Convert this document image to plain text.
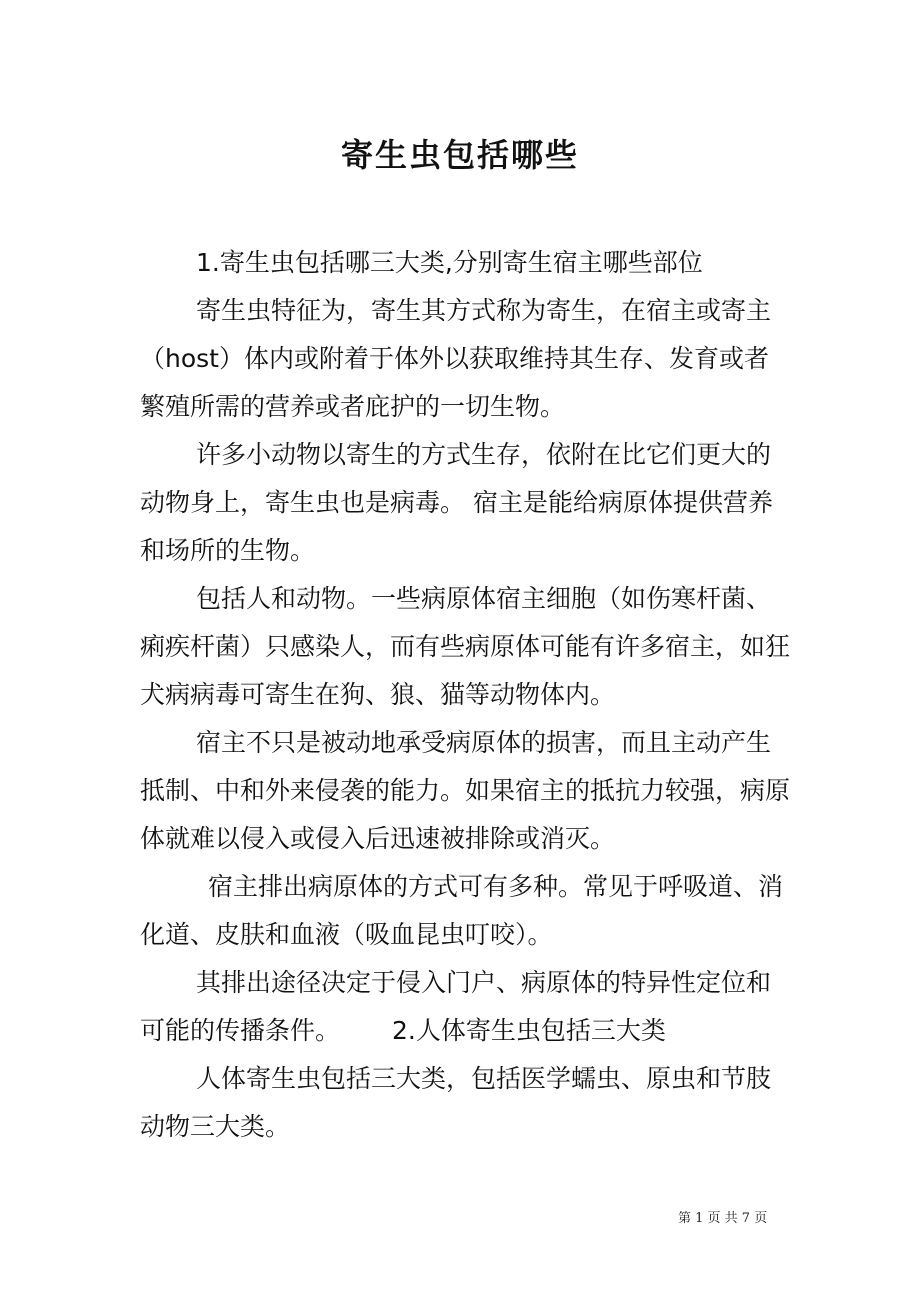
寄生虫包括哪些

1.寄生虫包括哪三大类,分别寄生宿主哪些部位

寄生虫特征为，寄生其方式称为寄生，在宿主或寄主（host）体内或附着于体外以获取维持其生存、发育或者繁殖所需的营养或者庇护的一切生物。

许多小动物以寄生的方式生存，依附在比它们更大的动物身上，寄生虫也是病毒。 宿主是能给病原体提供营养和场所的生物。

包括人和动物。一些病原体宿主细胞（如伤寒杆菌、痢疾杆菌）只感染人，而有些病原体可能有许多宿主，如狂犬病病毒可寄生在狗、狼、猫等动物体内。

宿主不只是被动地承受病原体的损害，而且主动产生抵制、中和外来侵袭的能力。如果宿主的抵抗力较强，病原体就难以侵入或侵入后迅速被排除或消灭。

宿主排出病原体的方式可有多种。常见于呼吸道、消化道、皮肤和血液（吸血昆虫叮咬）。

其排出途径决定于侵入门户、病原体的特异性定位和可能的传播条件。 2.人体寄生虫包括三大类

人体寄生虫包括三大类，包括医学蠕虫、原虫和节肢动物三大类。

第 1 页 共 7 页
